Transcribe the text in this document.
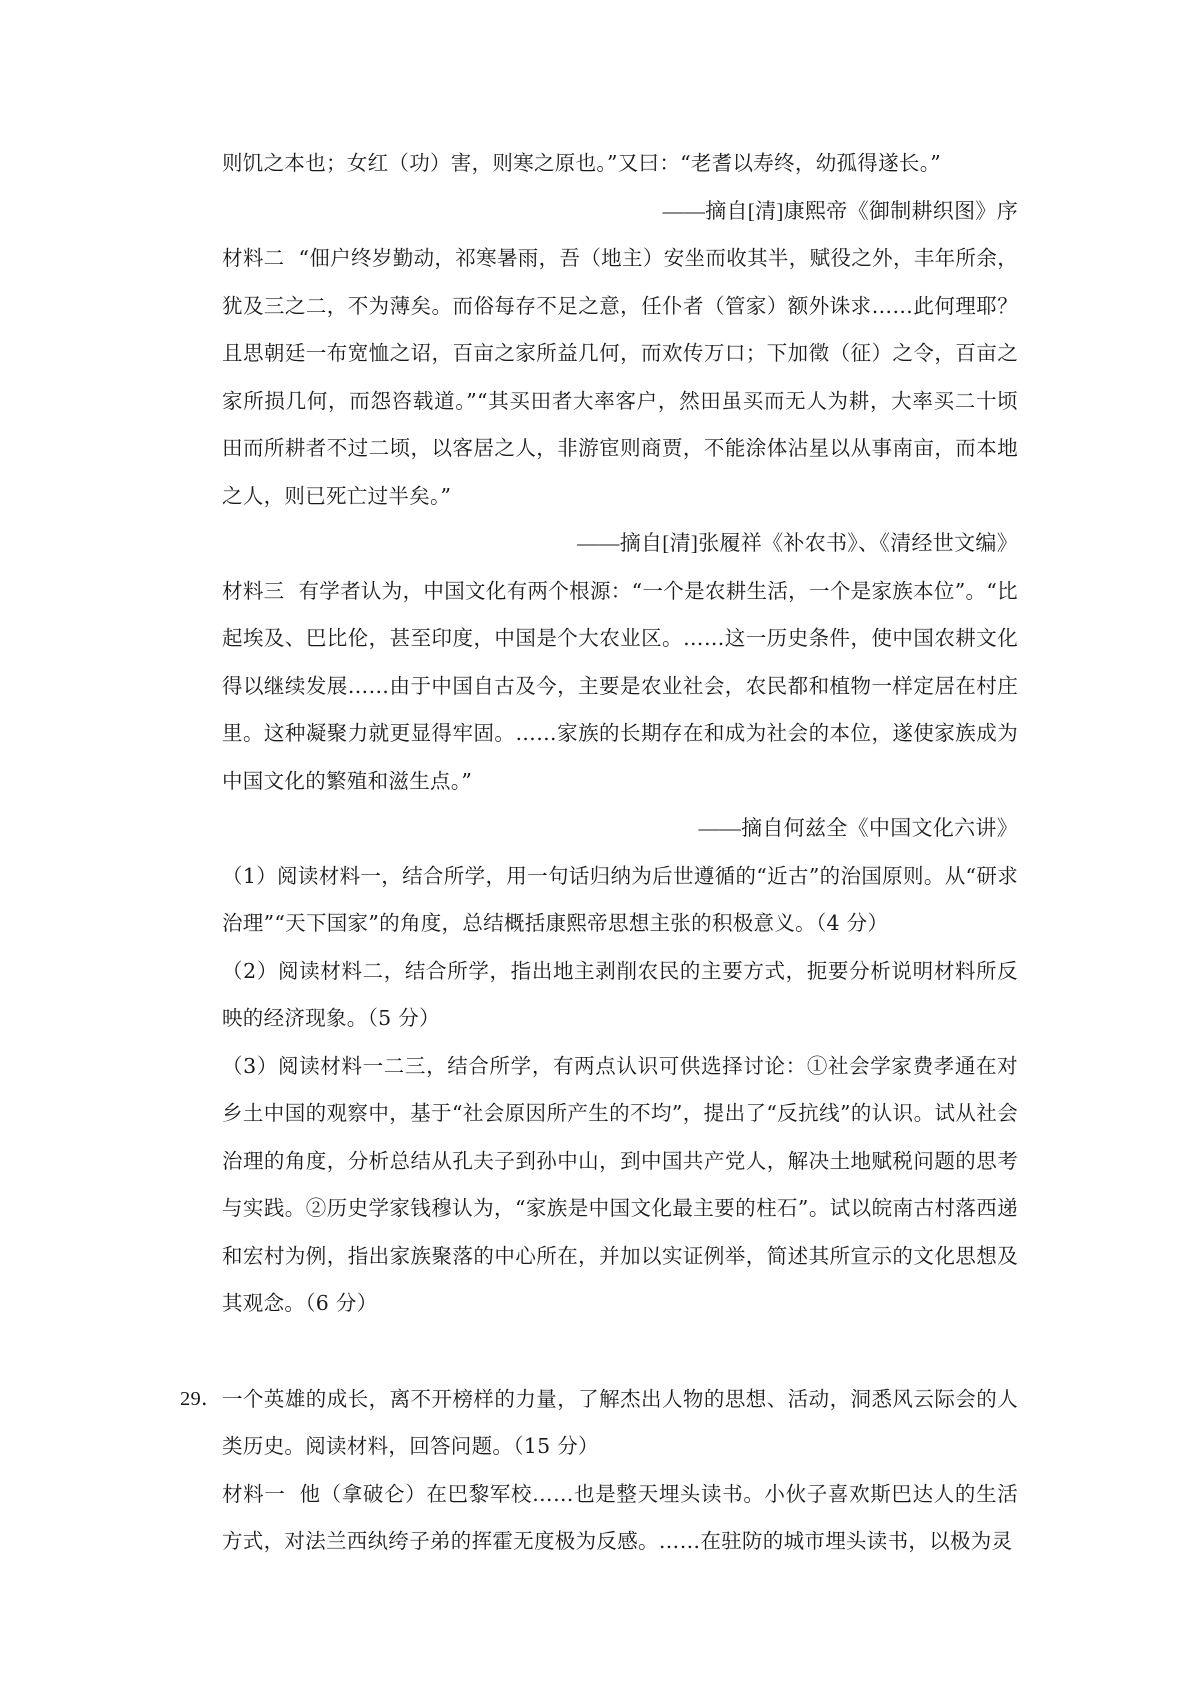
则饥之本也；女红（功）害，则寒之原也。”又曰：“老耆以寿终，幼孤得遂长。”

——摘自[清]康熙帝《御制耕织图》序

材料二 “佃户终岁勤动，祁寒暑雨，吾（地主）安坐而收其半，赋役之外，丰年所余，犹及三之二，不为薄矣。而俗每存不足之意，任仆者（管家）额外诛求……此何理耶？且思朝廷一布宽恤之诏，百亩之家所益几何，而欢传万口；下加徵（征）之令，百亩之家所损几何，而怨咨载道。”“其买田者大率客户，然田虽买而无人为耕，大率买二十顷田而所耕者不过二顷，以客居之人，非游宦则商贾，不能涂体沾星以从事南亩，而本地之人，则已死亡过半矣。”

——摘自[清]张履祥《补农书》、《清经世文编》

材料三 有学者认为，中国文化有两个根源：“一个是农耕生活，一个是家族本位”。“比起埃及、巴比伦，甚至印度，中国是个大农业区。……这一历史条件，使中国农耕文化得以继续发展……由于中国自古及今，主要是农业社会，农民都和植物一样定居在村庄里。这种凝聚力就更显得牢固。……家族的长期存在和成为社会的本位，遂使家族成为中国文化的繁殖和滋生点。”

——摘自何兹全《中国文化六讲》

（1）阅读材料一，结合所学，用一句话归纳为后世遵循的“近古”的治国原则。从“研求治理”“天下国家”的角度，总结概括康熙帝思想主张的积极意义。（4 分）

（2）阅读材料二，结合所学，指出地主剥削农民的主要方式，扼要分析说明材料所反映的经济现象。（5 分）

（3）阅读材料一二三，结合所学，有两点认识可供选择讨论：①社会学家费孝通在对乡土中国的观察中，基于“社会原因所产生的不均”，提出了“反抗线”的认识。试从社会治理的角度，分析总结从孔夫子到孙中山，到中国共产党人，解决土地赋税问题的思考与实践。②历史学家钱穆认为，“家族是中国文化最主要的柱石”。试以皖南古村落西递和宏村为例，指出家族聚落的中心所在，并加以实证例举，简述其所宣示的文化思想及其观念。（6 分）

29． 一个英雄的成长，离不开榜样的力量，了解杰出人物的思想、活动，洞悉风云际会的人类历史。阅读材料，回答问题。（15 分）

材料一 他（拿破仑）在巴黎军校……也是整天埋头读书。小伙子喜欢斯巴达人的生活方式，对法兰西纨绔子弟的挥霍无度极为反感。……在驻防的城市埋头读书，以极为灵
